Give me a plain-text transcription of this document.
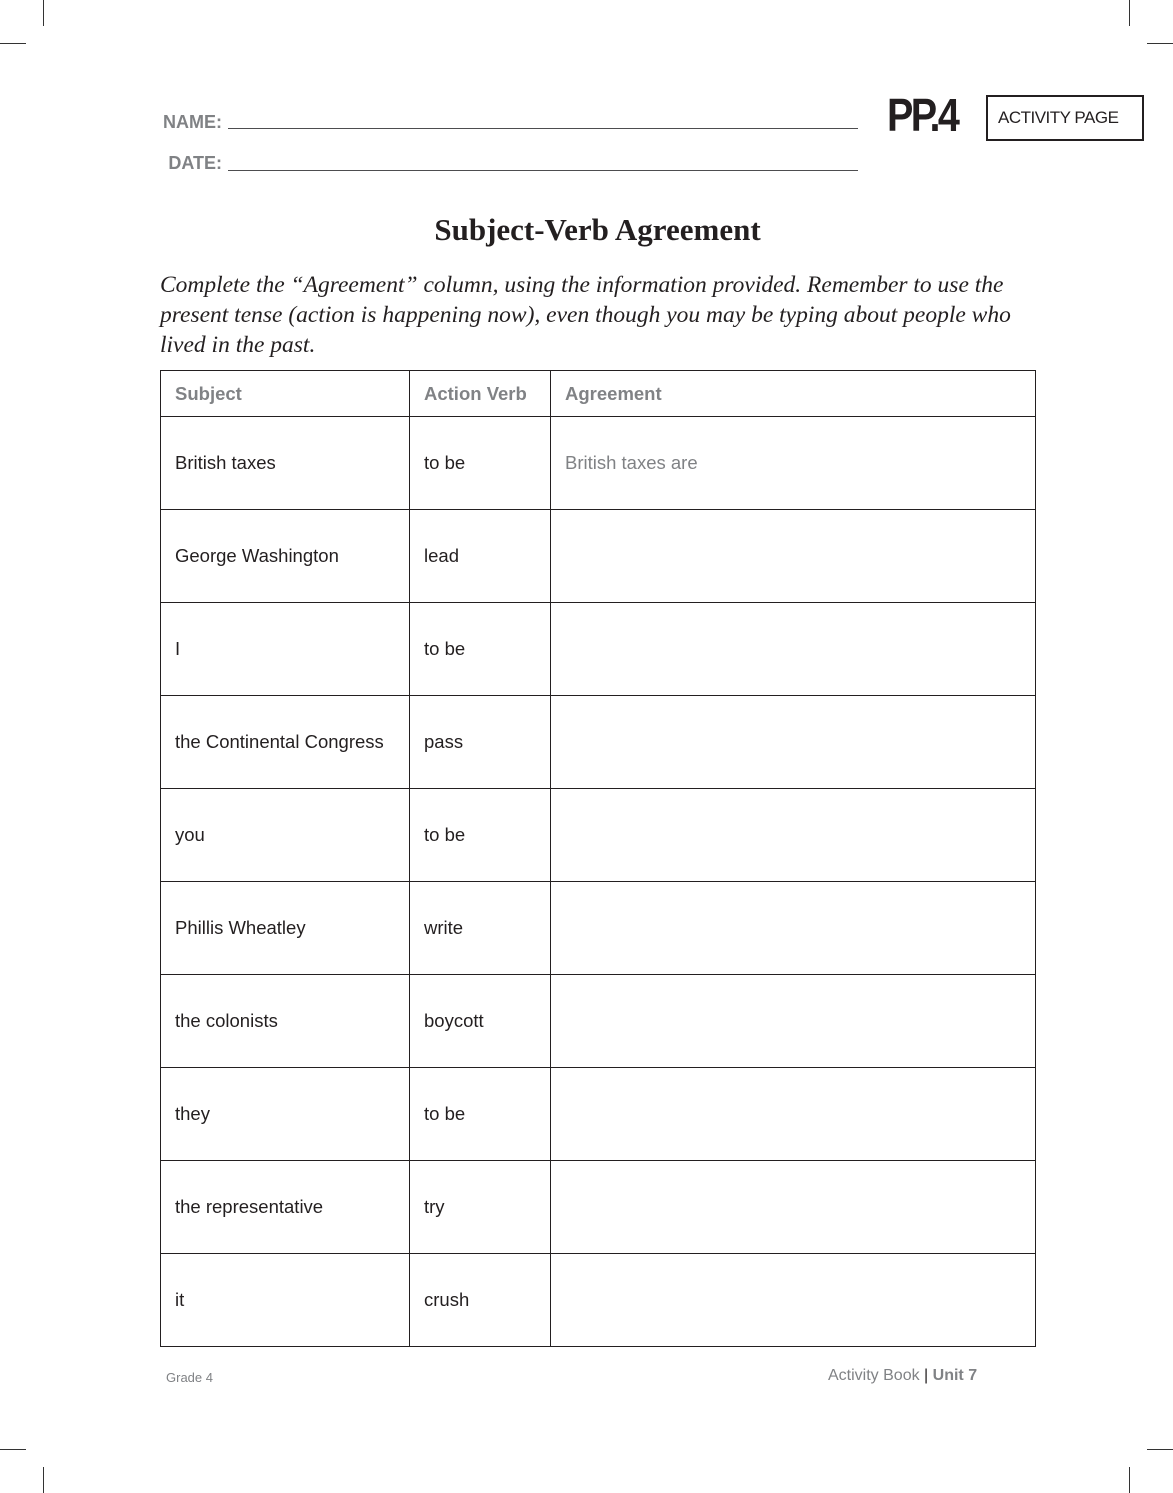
NAME:
DATE:
PP.4	ACTIVITY PAGE
Subject-Verb Agreement
Complete the “Agreement” column, using the information provided. Remember to use the present tense (action is happening now), even though you may be typing about people who lived in the past.
Subject	Action Verb	Agreement
British taxes	to be	British taxes are
George Washington	lead	
I	to be	
the Continental Congress	pass	
you	to be	
Phillis Wheatley	write	
the colonists	boycott	
they	to be	
the representative	try	
it	crush	
Grade 4	Activity Book | Unit 7
